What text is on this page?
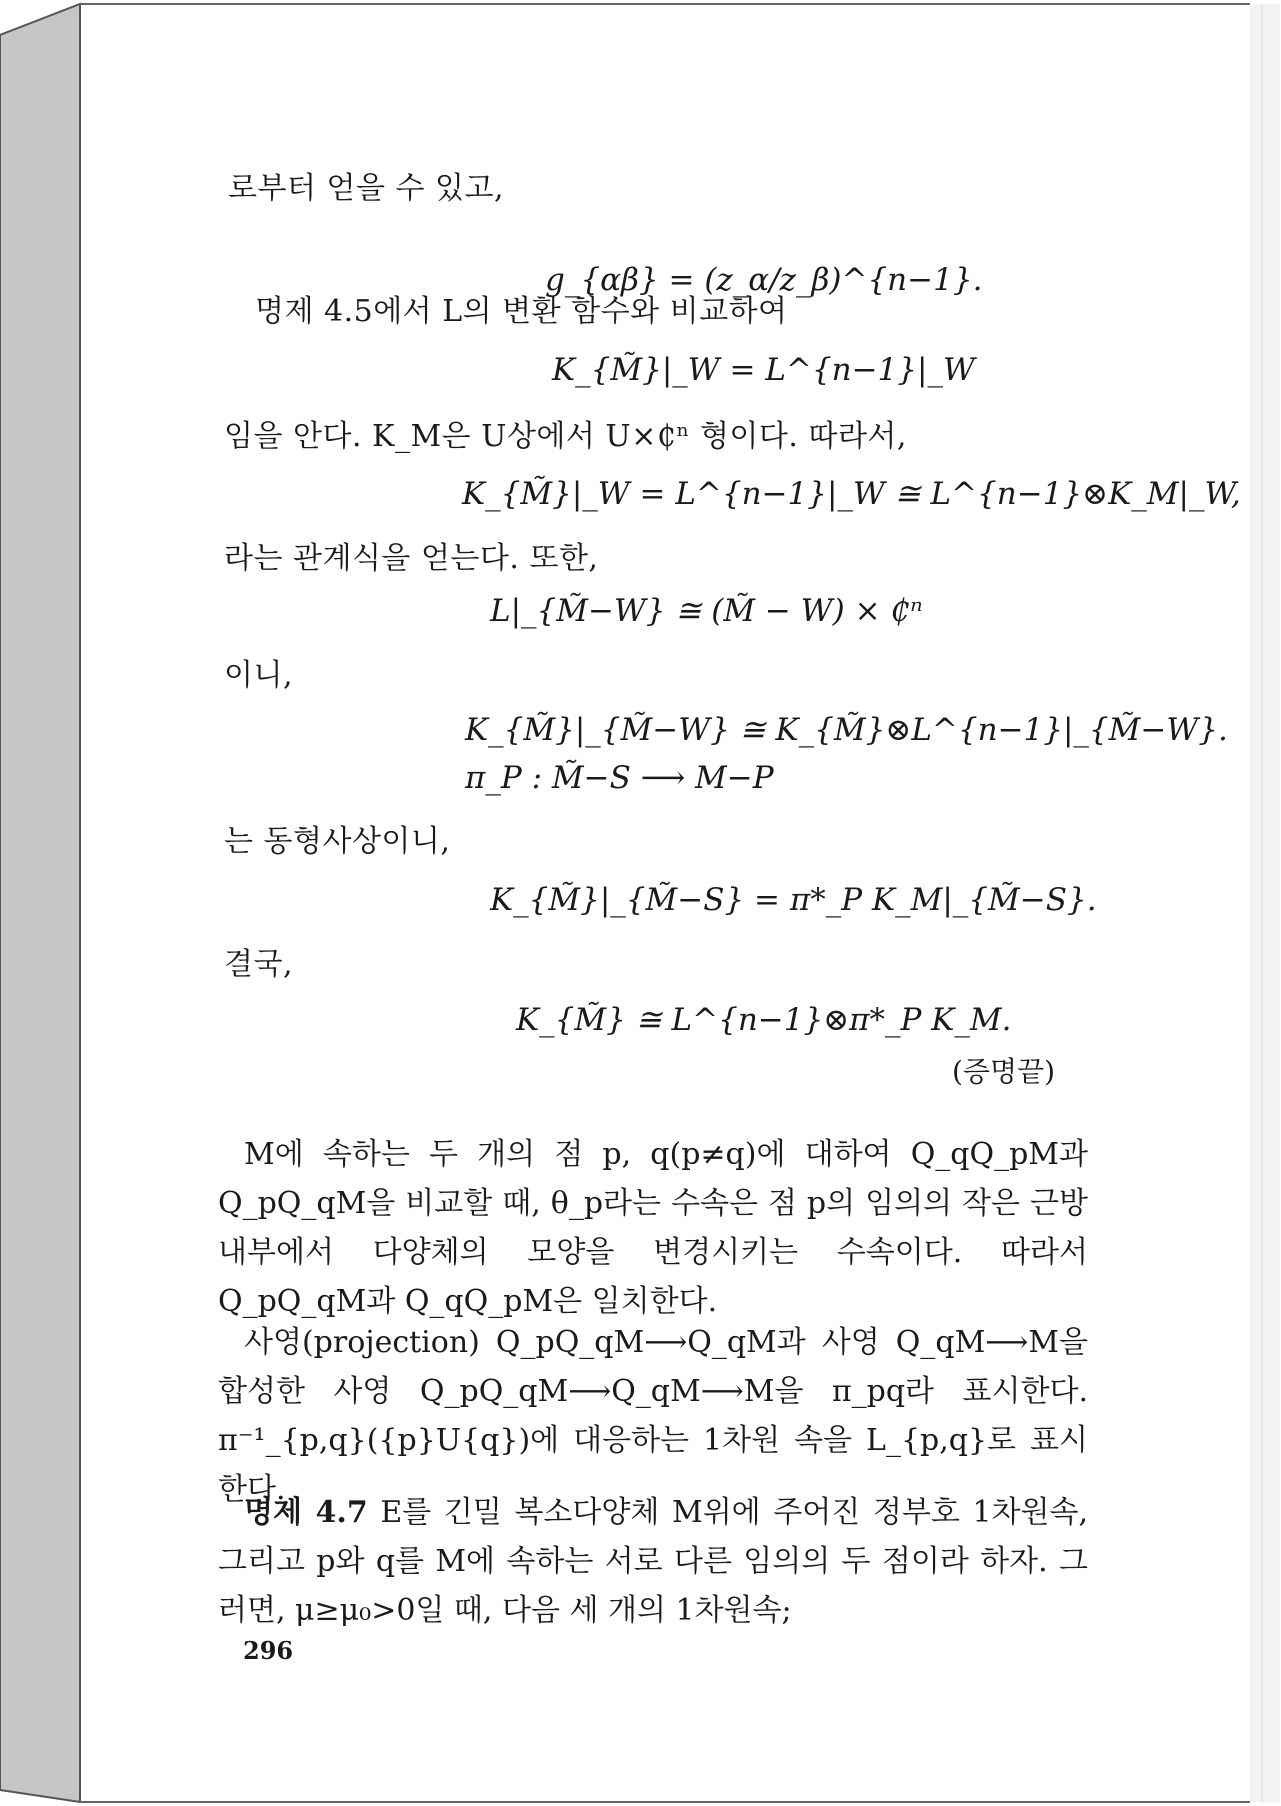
로부터 얻을 수 있고,
g_{αβ} = (z_α/z_β)^{n−1}.
명제 4.5에서 L의 변환 함수와 비교하여
K_{M̃}|_W = L^{n−1}|_W
임을 안다. K_M은 U상에서 U×₵ⁿ 형이다. 따라서,
K_{M̃}|_W = L^{n−1}|_W ≅ L^{n−1}⊗K_M|_W,
라는 관계식을 얻는다. 또한,
L|_{M̃−W} ≅ (M̃ − W) × ₵ⁿ
이니,
K_{M̃}|_{M̃−W} ≅ K_{M̃}⊗L^{n−1}|_{M̃−W}.
π_P : M̃−S ⟶ M−P
는 동형사상이니,
K_{M̃}|_{M̃−S} = π*_P K_M|_{M̃−S}.
결국,
K_{M̃} ≅ L^{n−1}⊗π*_P K_M.
(증명끝)
M에 속하는 두 개의 점 p, q(p≠q)에 대하여 Q_qQ_pM과 Q_pQ_qM을 비교할 때, θ_p라는 수속은 점 p의 임의의 작은 근방 내부에서 다양체의 모양을 변경시키는 수속이다. 따라서 Q_pQ_qM과 Q_qQ_pM은 일치한다.
사영(projection) Q_pQ_qM⟶Q_qM과 사영 Q_qM⟶M을 합성한 사영 Q_pQ_qM⟶Q_qM⟶M을 π_pq라 표시한다. π⁻¹_{p,q}({p}U{q})에 대응하는 1차원 속을 L_{p,q}로 표시한다.
명제 4.7 E를 긴밀 복소다양체 M위에 주어진 정부호 1차원속, 그리고 p와 q를 M에 속하는 서로 다른 임의의 두 점이라 하자. 그러면, μ≥μ₀>0일 때, 다음 세 개의 1차원속;
296
